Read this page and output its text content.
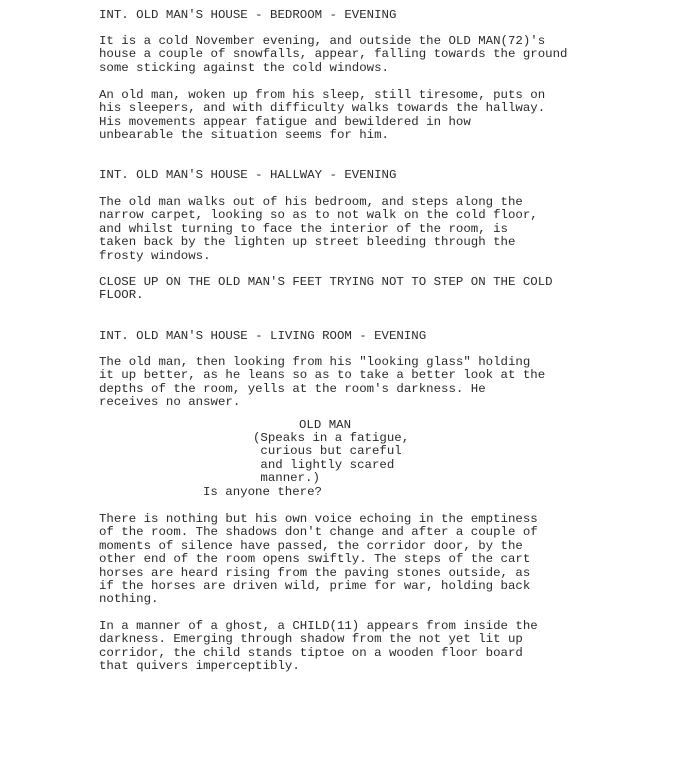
INT. OLD MAN'S HOUSE - BEDROOM - EVENING

It is a cold November evening, and outside the OLD MAN(72)'s
house a couple of snowfalls, appear, falling towards the ground
some sticking against the cold windows.

An old man, woken up from his sleep, still tiresome, puts on
his sleepers, and with difficulty walks towards the hallway.
His movements appear fatigue and bewildered in how
unbearable the situation seems for him.

INT. OLD MAN'S HOUSE - HALLWAY - EVENING

The old man walks out of his bedroom, and steps along the
narrow carpet, looking so as to not walk on the cold floor,
and whilst turning to face the interior of the room, is
taken back by the lighten up street bleeding through the
frosty windows.

CLOSE UP ON THE OLD MAN'S FEET TRYING NOT TO STEP ON THE COLD
FLOOR.

INT. OLD MAN'S HOUSE - LIVING ROOM - EVENING

The old man, then looking from his "looking glass" holding
it up better, as he leans so as to take a better look at the
depths of the room, yells at the room's darkness. He
receives no answer.

OLD MAN

(Speaks in a fatigue,
curious but careful
and lightly scared
manner.)

Is anyone there?

There is nothing but his own voice echoing in the emptiness
of the room. The shadows don't change and after a couple of
moments of silence have passed, the corridor door, by the
other end of the room opens swiftly. The steps of the cart
horses are heard rising from the paving stones outside, as
if the horses are driven wild, prime for war, holding back
nothing.

In a manner of a ghost, a CHILD(11) appears from inside the
darkness. Emerging through shadow from the not yet lit up
corridor, the child stands tiptoe on a wooden floor board
that quivers imperceptibly.
